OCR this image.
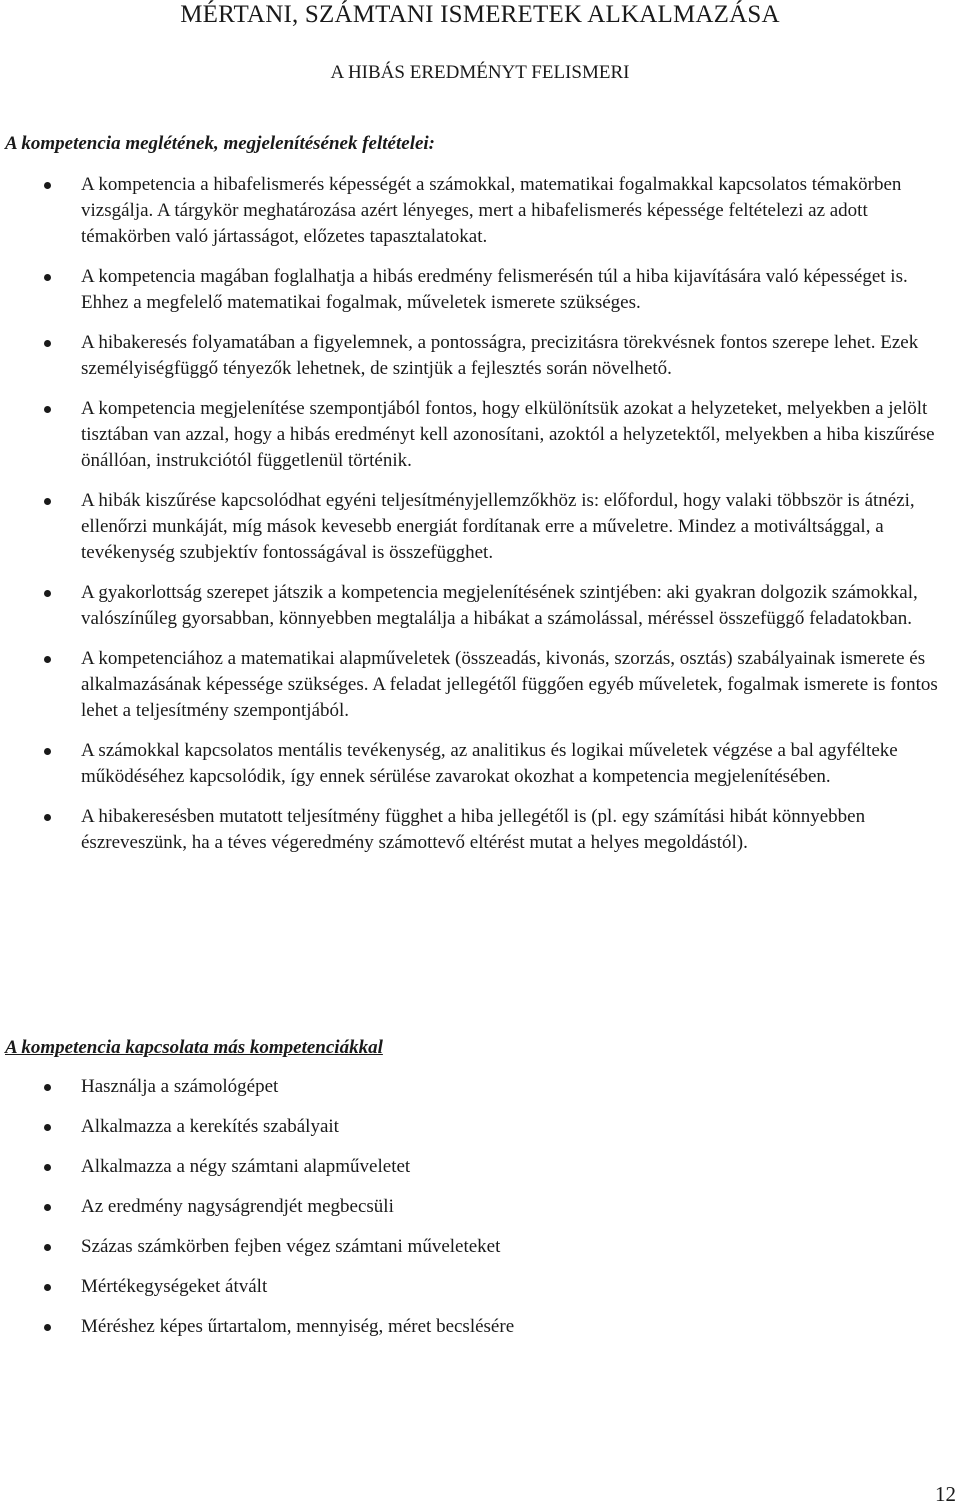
MÉRTANI, SZÁMTANI ISMERETEK ALKALMAZÁSA
A HIBÁS EREDMÉNYT FELISMERI
A kompetencia meglétének, megjelenítésének feltételei:
A kompetencia a hibafelismerés képességét a számokkal, matematikai fogalmakkal kapcsolatos témakörben vizsgálja. A tárgykör meghatározása azért lényeges, mert a hibafelismerés képessége feltételezi az adott témakörben való jártasságot, előzetes tapasztalatokat.
A kompetencia magában foglalhatja a hibás eredmény felismerésén túl a hiba kijavítására való képességet is. Ehhez a megfelelő matematikai fogalmak, műveletek ismerete szükséges.
A hibakeresés folyamatában a figyelemnek, a pontosságra, precizitásra törekvésnek fontos szerepe lehet. Ezek személyiségfüggő tényezők lehetnek, de szintjük a fejlesztés során növelhető.
A kompetencia megjelenítése szempontjából fontos, hogy elkülönítsük azokat a helyzeteket, melyekben a jelölt tisztában van azzal, hogy a hibás eredményt kell azonosítani, azoktól a helyzetektől, melyekben a hiba kiszűrése önállóan, instrukciótól függetlenül történik.
A hibák kiszűrése kapcsolódhat egyéni teljesítményjellemzőkhöz is: előfordul, hogy valaki többször is átnézi, ellenőrzi munkáját, míg mások kevesebb energiát fordítanak erre a műveletre. Mindez a motiváltsággal, a tevékenység szubjektív fontosságával is összefügghet.
A gyakorlottság szerepet játszik a kompetencia megjelenítésének szintjében: aki gyakran dolgozik számokkal, valószínűleg gyorsabban, könnyebben megtalálja a hibákat a számolással, méréssel összefüggő feladatokban.
A kompetenciához a matematikai alapműveletek (összeadás, kivonás, szorzás, osztás) szabályainak ismerete és alkalmazásának képessége szükséges. A feladat jellegétől függően egyéb műveletek, fogalmak ismerete is fontos lehet a teljesítmény szempontjából.
A számokkal kapcsolatos mentális tevékenység, az analitikus és logikai műveletek végzése a bal agyfélteke működéséhez kapcsolódik, így ennek sérülése zavarokat okozhat a kompetencia megjelenítésében.
A hibakeresésben mutatott teljesítmény függhet a hiba jellegétől is (pl. egy számítási hibát könnyebben észreveszünk, ha a téves végeredmény számottevő eltérést mutat a helyes megoldástól).
A kompetencia kapcsolata más kompetenciákkal
Használja a számológépet
Alkalmazza a kerekítés szabályait
Alkalmazza a négy számtani alapműveletet
Az eredmény nagyságrendjét megbecsüli
Százas számkörben fejben végez számtani műveleteket
Mértékegységeket átvált
Méréshez képes űrtartalom, mennyiség, méret becslésére

12
